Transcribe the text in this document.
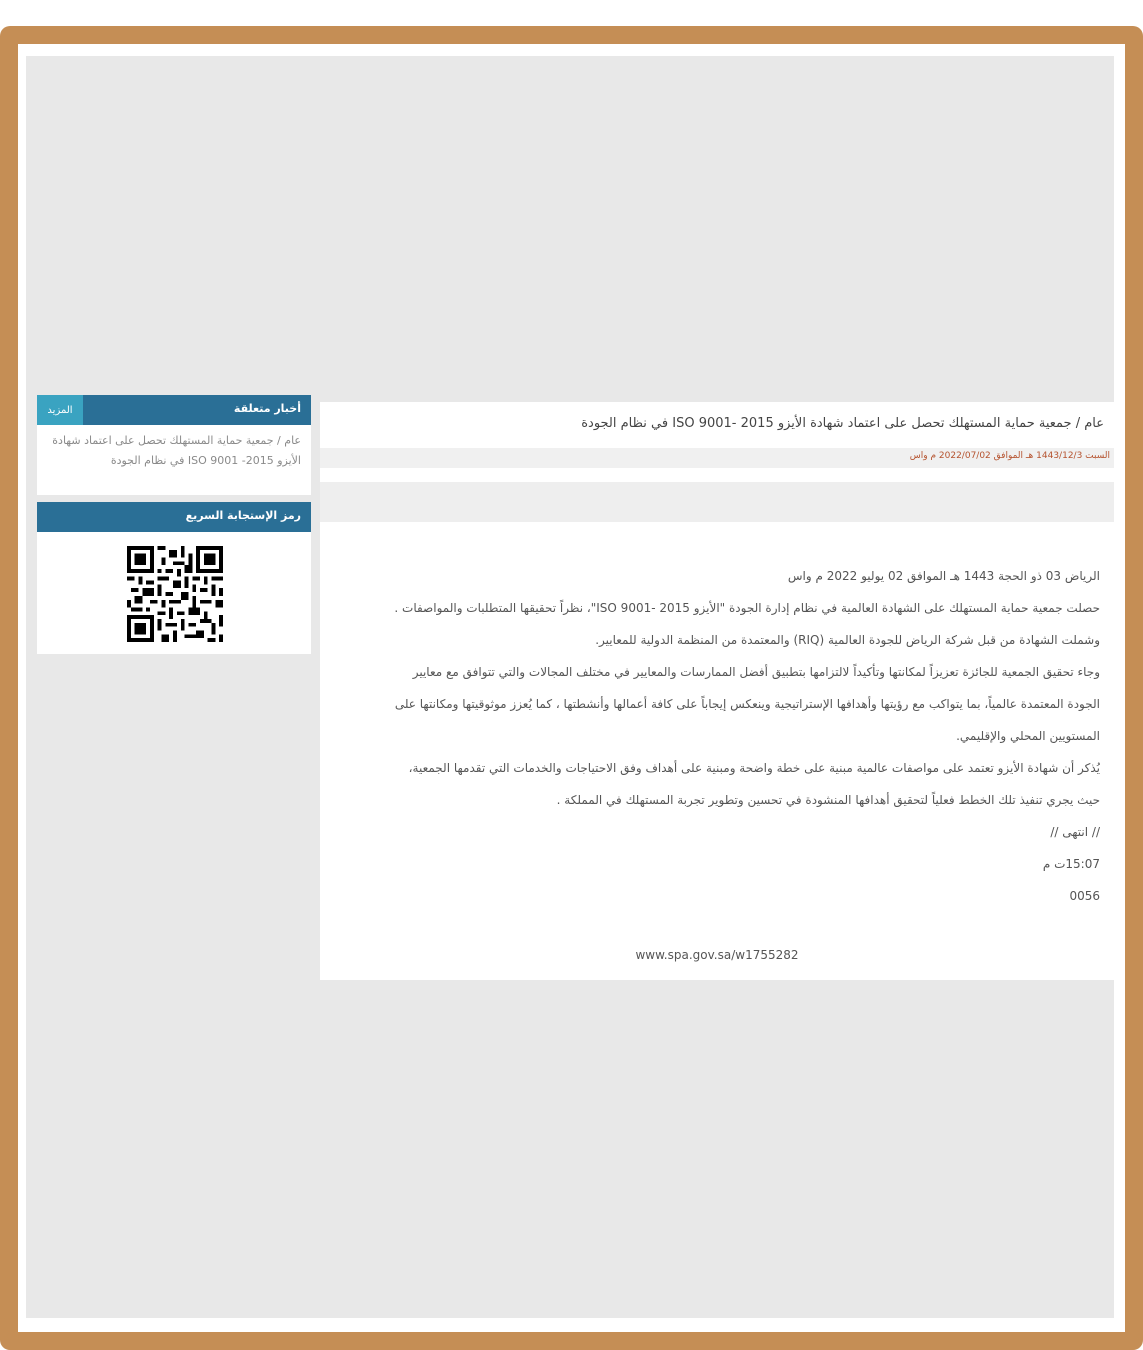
عام / جمعية حماية المستهلك تحصل على اعتماد شهادة الأيزو 2015 -ISO 9001 في نظام الجودة
السبت 1443/12/3 هـ الموافق 2022/07/02 م واس
الرياض 03 ذو الحجة 1443 هـ الموافق 02 يوليو 2022 م واس
حصلت جمعية حماية المستهلك على الشهادة العالمية في نظام إدارة الجودة "الأيزو 2015 -ISO 9001"، نظراً تحقيقها المتطلبات والمواصفات .
وشملت الشهادة من قبل شركة الرياض للجودة العالمية (RIQ) والمعتمدة من المنظمة الدولية للمعايير.
وجاء تحقيق الجمعية للجائزة تعزيزاً لمكانتها وتأكيداً لالتزامها بتطبيق أفضل الممارسات والمعايير في مختلف المجالات والتي تتوافق مع معايير
الجودة المعتمدة عالمياً، بما يتواكب مع رؤيتها وأهدافها الإستراتيجية وينعكس إيجاباً على كافة أعمالها وأنشطتها ، كما يُعزز موثوقيتها ومكانتها على
المستويين المحلي والإقليمي.
يُذكر أن شهادة الأيزو تعتمد على مواصفات عالمية مبنية على خطة واضحة ومبنية على أهداف وفق الاحتياجات والخدمات التي تقدمها الجمعية،
حيث يجري تنفيذ تلك الخطط فعلياً لتحقيق أهدافها المنشودة في تحسين وتطوير تجربة المستهلك في المملكة .
// انتهى //
15:07ت م
0056
www.spa.gov.sa/w1755282
أخبار متعلقة
المزيد
عام / جمعية حماية المستهلك تحصل على اعتماد شهادة الأيزو 2015- ISO 9001 في نظام الجودة
رمز الإستجابة السريع
